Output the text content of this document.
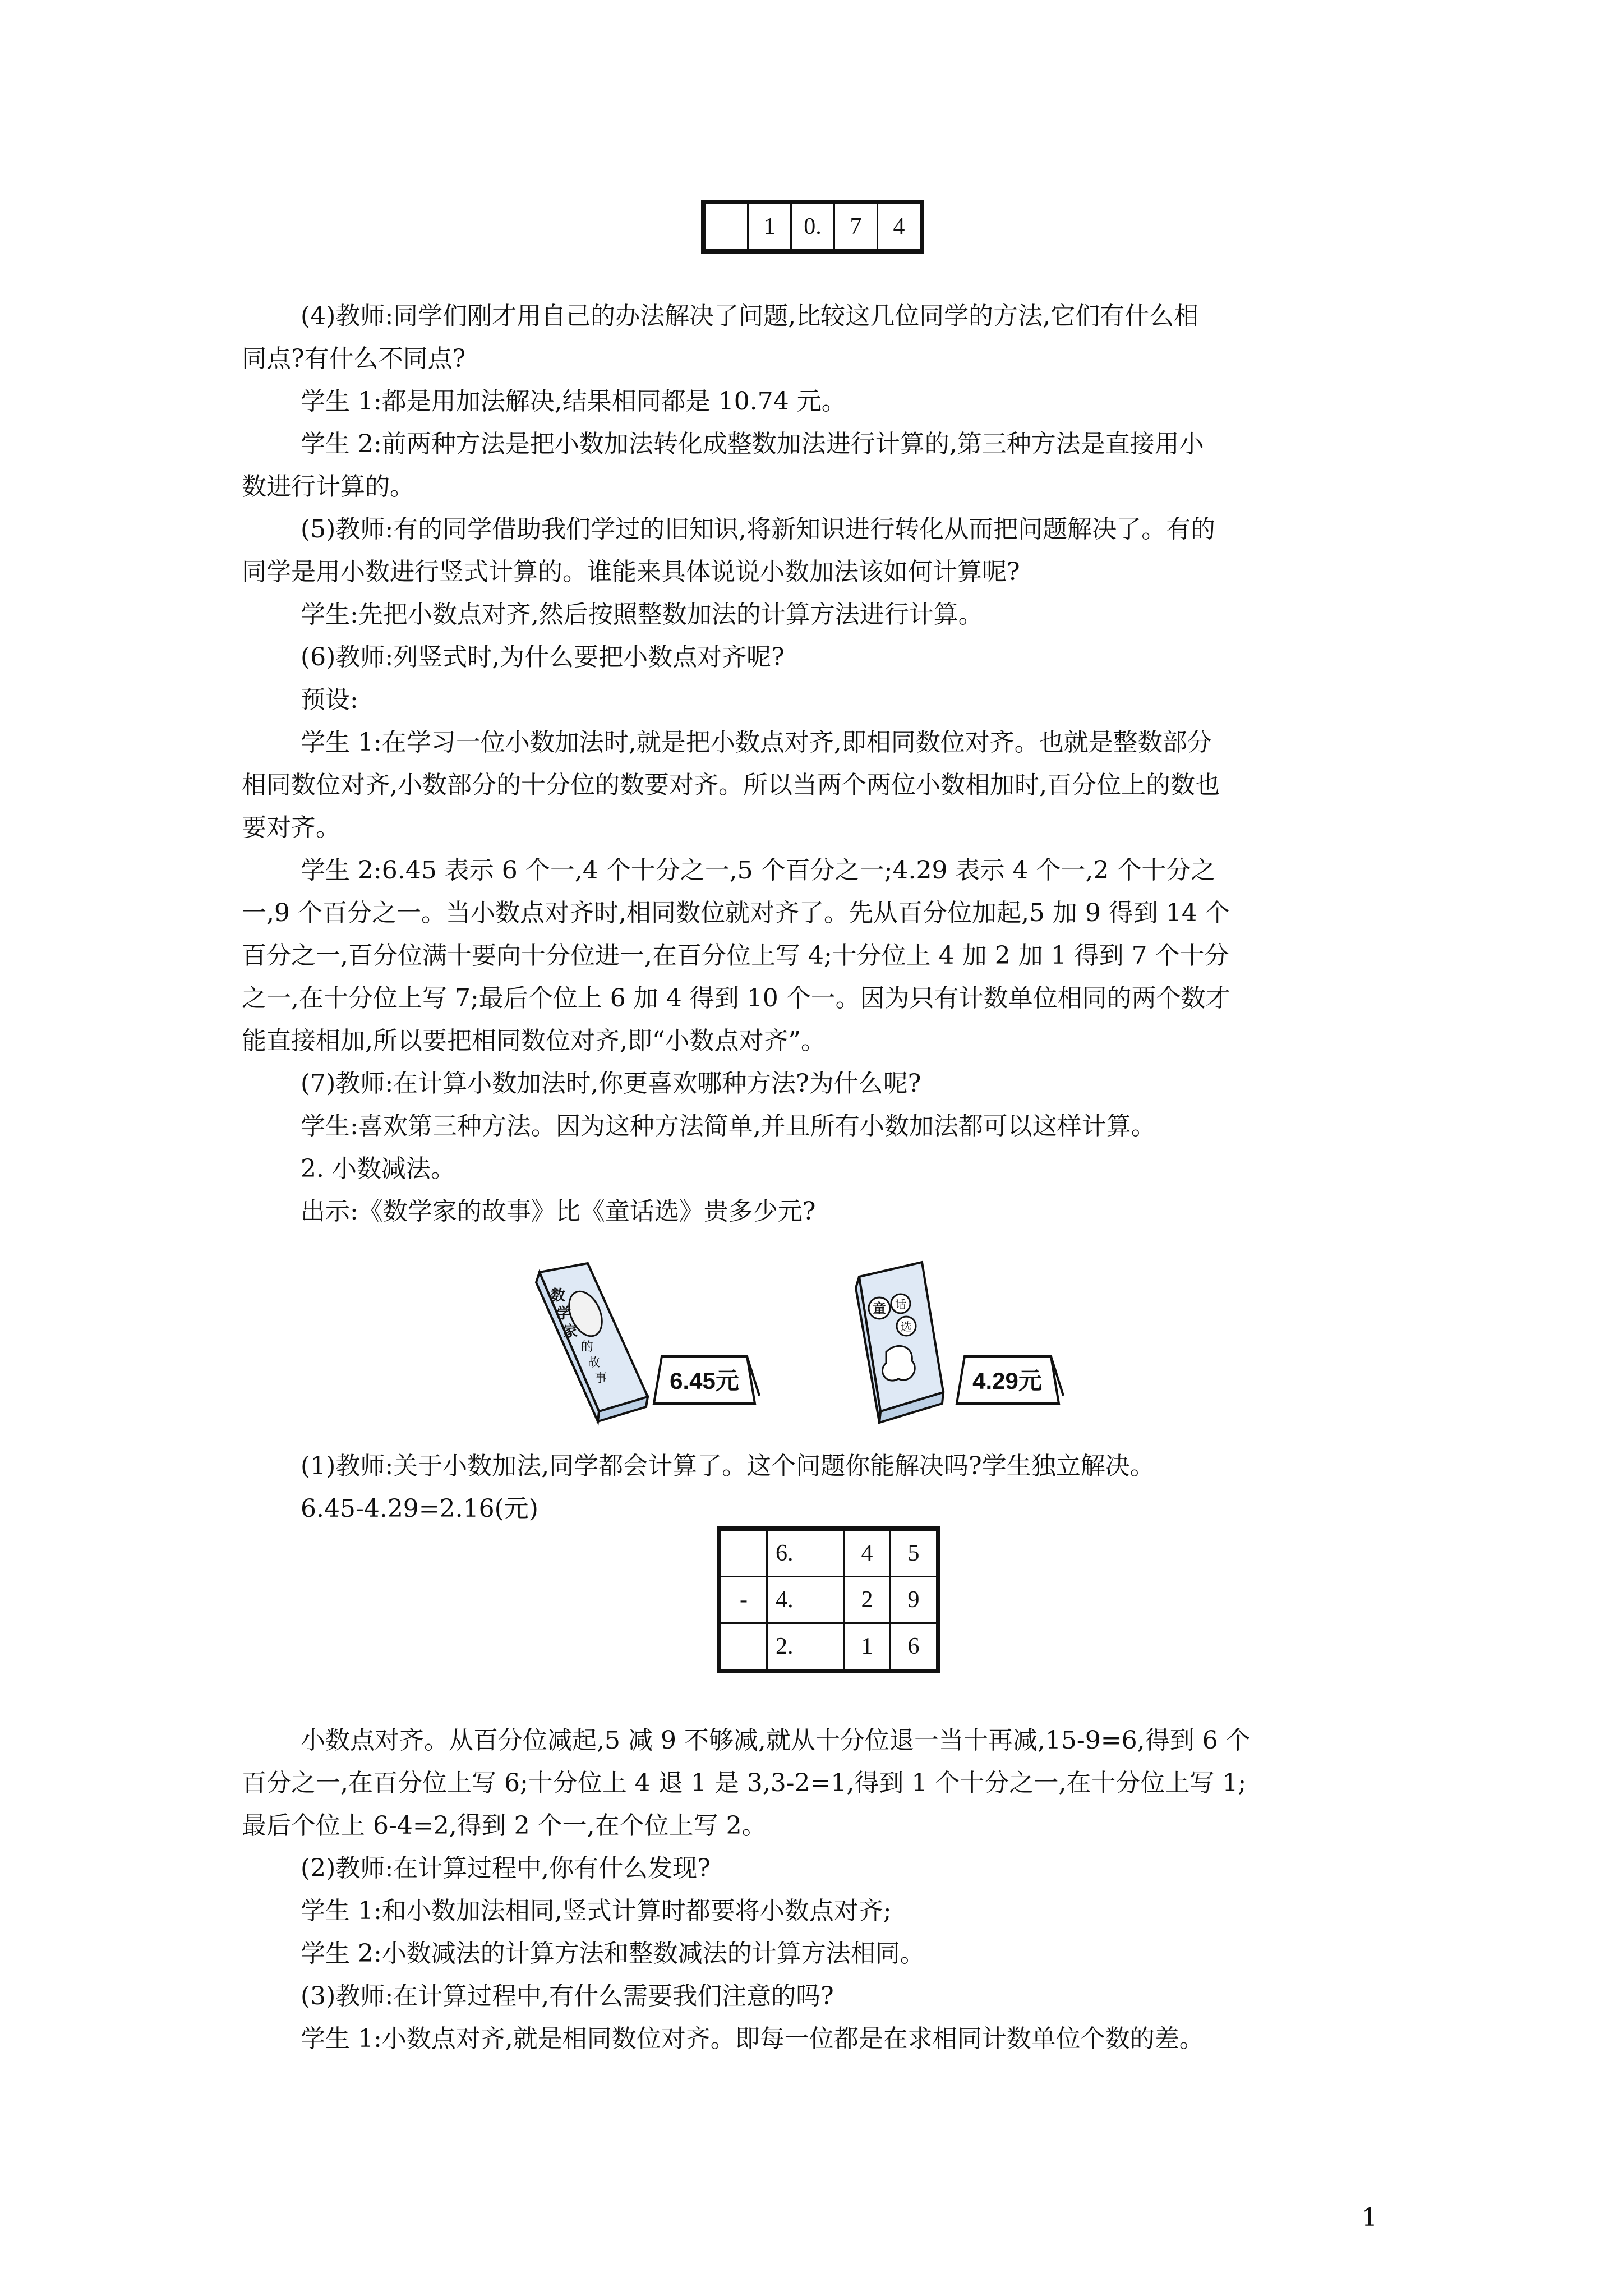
	1	0.	7	4
(4)教师:同学们刚才用自己的办法解决了问题,比较这几位同学的方法,它们有什么相
同点?有什么不同点?
学生 1:都是用加法解决,结果相同都是 10.74 元。
学生 2:前两种方法是把小数加法转化成整数加法进行计算的,第三种方法是直接用小
数进行计算的。
(5)教师:有的同学借助我们学过的旧知识,将新知识进行转化从而把问题解决了。有的
同学是用小数进行竖式计算的。谁能来具体说说小数加法该如何计算呢?
学生:先把小数点对齐,然后按照整数加法的计算方法进行计算。
(6)教师:列竖式时,为什么要把小数点对齐呢?
预设:
学生 1:在学习一位小数加法时,就是把小数点对齐,即相同数位对齐。也就是整数部分
相同数位对齐,小数部分的十分位的数要对齐。所以当两个两位小数相加时,百分位上的数也
要对齐。
学生 2:6.45 表示 6 个一,4 个十分之一,5 个百分之一;4.29 表示 4 个一,2 个十分之
一,9 个百分之一。当小数点对齐时,相同数位就对齐了。先从百分位加起,5 加 9 得到 14 个
百分之一,百分位满十要向十分位进一,在百分位上写 4;十分位上 4 加 2 加 1 得到 7 个十分
之一,在十分位上写 7;最后个位上 6 加 4 得到 10 个一。因为只有计数单位相同的两个数才
能直接相加,所以要把相同数位对齐,即“小数点对齐”。
(7)教师:在计算小数加法时,你更喜欢哪种方法?为什么呢?
学生:喜欢第三种方法。因为这种方法简单,并且所有小数加法都可以这样计算。
2. 小数减法。
出示:《数学家的故事》比《童话选》贵多少元?
数
学
家
的
故
事	6.45元
童 话
选
4.29元
(1)教师:关于小数加法,同学都会计算了。这个问题你能解决吗?学生独立解决。
6.45-4.29=2.16(元)
	6.	4	5
-	4.	2	9
	2.	1	6
小数点对齐。从百分位减起,5 减 9 不够减,就从十分位退一当十再减,15-9=6,得到 6 个
百分之一,在百分位上写 6;十分位上 4 退 1 是 3,3-2=1,得到 1 个十分之一,在十分位上写 1;
最后个位上 6-4=2,得到 2 个一,在个位上写 2。
(2)教师:在计算过程中,你有什么发现?
学生 1:和小数加法相同,竖式计算时都要将小数点对齐;
学生 2:小数减法的计算方法和整数减法的计算方法相同。
(3)教师:在计算过程中,有什么需要我们注意的吗?
学生 1:小数点对齐,就是相同数位对齐。即每一位都是在求相同计数单位个数的差。
1
